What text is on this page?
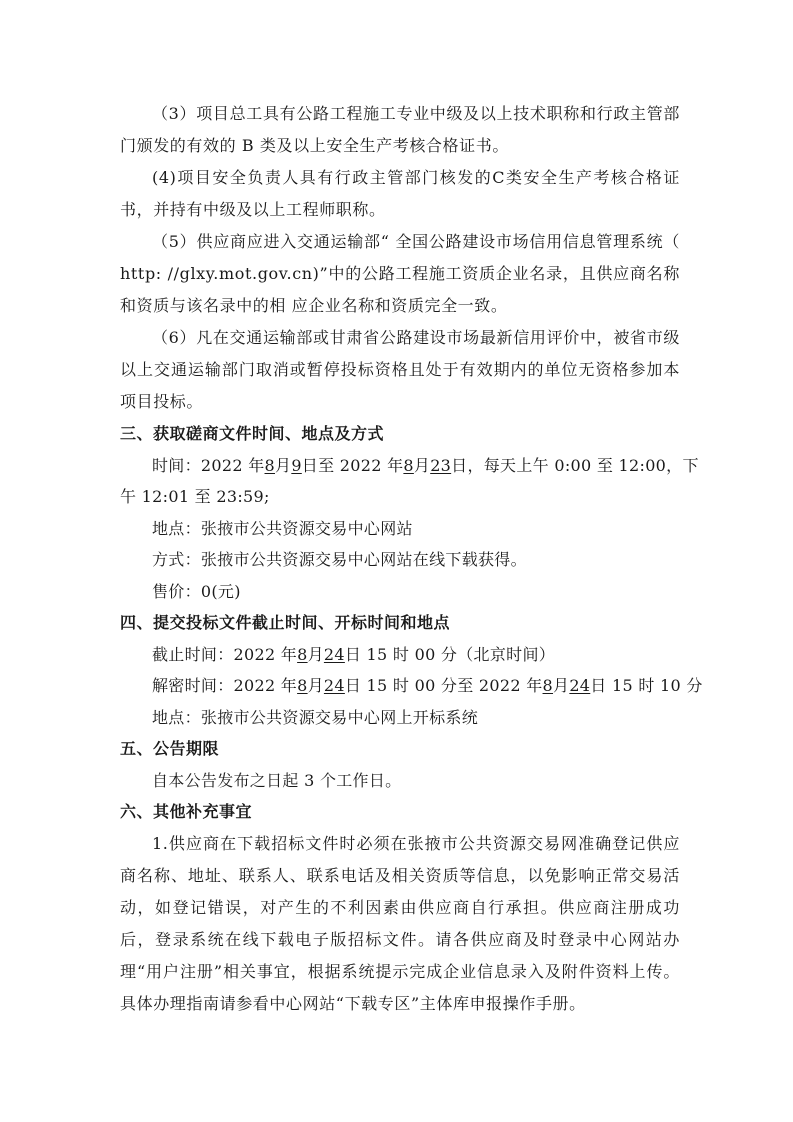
（3）项目总工具有公路工程施工专业中级及以上技术职称和行政主管部门颁发的有效的 B 类及以上安全生产考核合格证书。

(4)项目安全负责人具有行政主管部门核发的C类安全生产考核合格证书，并持有中级及以上工程师职称。

（5）供应商应进入交通运输部“ 全国公路建设市场信用信息管理系统（ http: //glxy.mot.gov.cn)”中的公路工程施工资质企业名录，且供应商名称和资质与该名录中的相 应企业名称和资质完全一致。

（6）凡在交通运输部或甘肃省公路建设市场最新信用评价中，被省市级以上交通运输部门取消或暂停投标资格且处于有效期内的单位无资格参加本项目投标。

三、获取磋商文件时间、地点及方式

时间：2022 年8月9日至 2022 年8月23日，每天上午 0:00 至 12:00，下

午 12:01 至 23:59;

地点：张掖市公共资源交易中心网站

方式：张掖市公共资源交易中心网站在线下载获得。

售价：0(元)

四、提交投标文件截止时间、开标时间和地点

截止时间：2022 年8月24日 15 时 00 分（北京时间）

解密时间：2022 年8月24日 15 时 00 分至 2022 年8月24日 15 时 10 分

地点：张掖市公共资源交易中心网上开标系统

五、公告期限

自本公告发布之日起 3 个工作日。

六、其他补充事宜

1.供应商在下载招标文件时必须在张掖市公共资源交易网准确登记供应商名称、地址、联系人、联系电话及相关资质等信息，以免影响正常交易活动，如登记错误，对产生的不利因素由供应商自行承担。供应商注册成功后，登录系统在线下载电子版招标文件。请各供应商及时登录中心网站办理“用户注册”相关事宜，根据系统提示完成企业信息录入及附件资料上传。具体办理指南请参看中心网站“下载专区”主体库申报操作手册。
